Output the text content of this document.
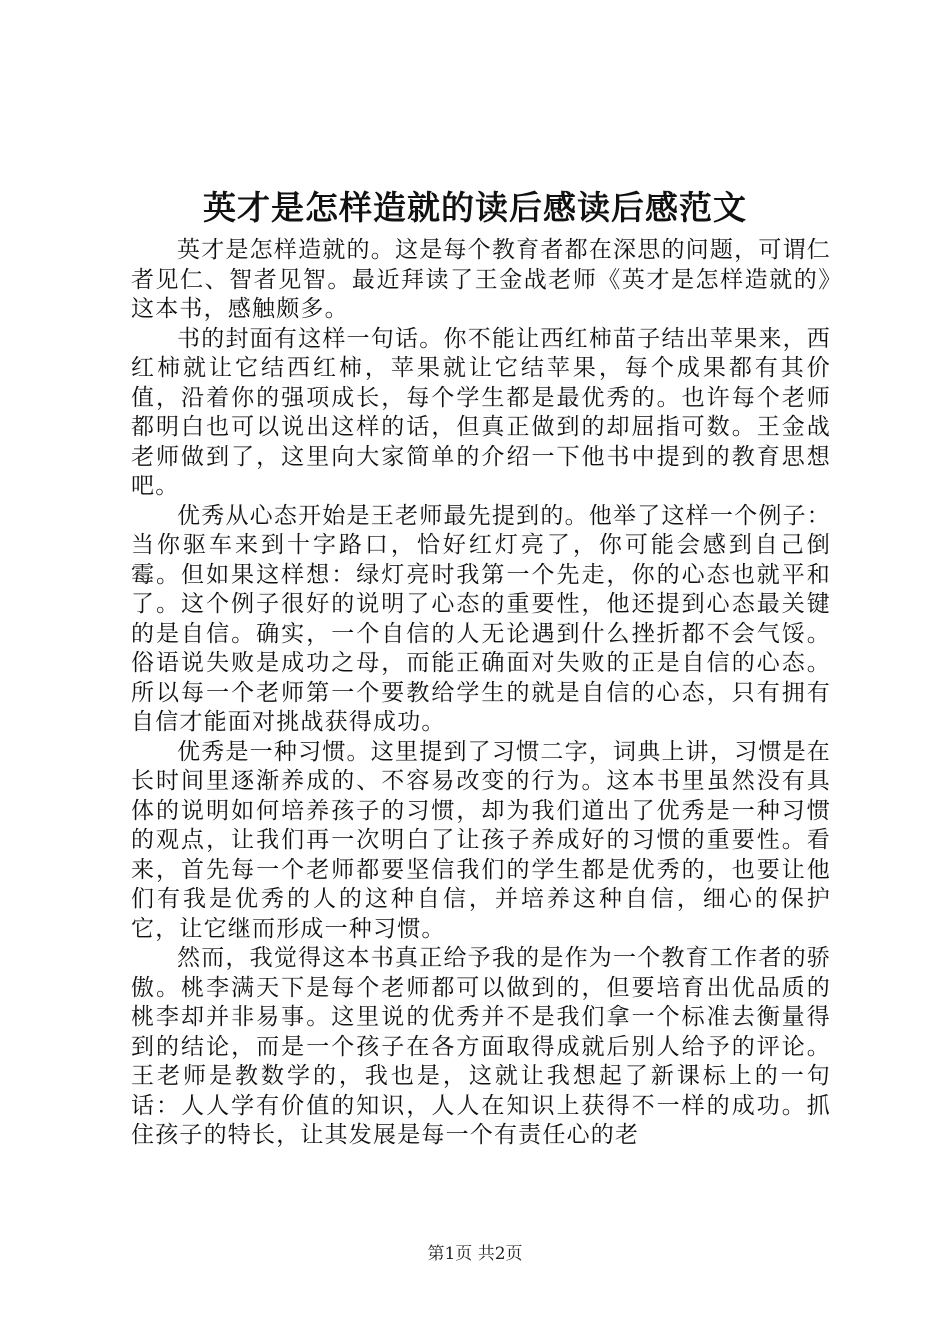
英才是怎样造就的读后感读后感范文

英才是怎样造就的。这是每个教育者都在深思的问题，可谓仁者见仁、智者见智。最近拜读了王金战老师《英才是怎样造就的》这本书，感触颇多。

书的封面有这样一句话。你不能让西红柿苗子结出苹果来，西红柿就让它结西红柿，苹果就让它结苹果，每个成果都有其价值，沿着你的强项成长，每个学生都是最优秀的。也许每个老师都明白也可以说出这样的话，但真正做到的却屈指可数。王金战老师做到了，这里向大家简单的介绍一下他书中提到的教育思想吧。

优秀从心态开始是王老师最先提到的。他举了这样一个例子：当你驱车来到十字路口，恰好红灯亮了，你可能会感到自己倒霉。但如果这样想：绿灯亮时我第一个先走，你的心态也就平和了。这个例子很好的说明了心态的重要性，他还提到心态最关键的是自信。确实，一个自信的人无论遇到什么挫折都不会气馁。俗语说失败是成功之母，而能正确面对失败的正是自信的心态。所以每一个老师第一个要教给学生的就是自信的心态，只有拥有自信才能面对挑战获得成功。

优秀是一种习惯。这里提到了习惯二字，词典上讲，习惯是在长时间里逐渐养成的、不容易改变的行为。这本书里虽然没有具体的说明如何培养孩子的习惯，却为我们道出了优秀是一种习惯的观点，让我们再一次明白了让孩子养成好的习惯的重要性。看来，首先每一个老师都要坚信我们的学生都是优秀的，也要让他们有我是优秀的人的这种自信，并培养这种自信，细心的保护它，让它继而形成一种习惯。

然而，我觉得这本书真正给予我的是作为一个教育工作者的骄傲。桃李满天下是每个老师都可以做到的，但要培育出优品质的桃李却并非易事。这里说的优秀并不是我们拿一个标准去衡量得到的结论，而是一个孩子在各方面取得成就后别人给予的评论。王老师是教数学的，我也是，这就让我想起了新课标上的一句话：人人学有价值的知识，人人在知识上获得不一样的成功。抓住孩子的特长，让其发展是每一个有责任心的老

第1页 共2页
